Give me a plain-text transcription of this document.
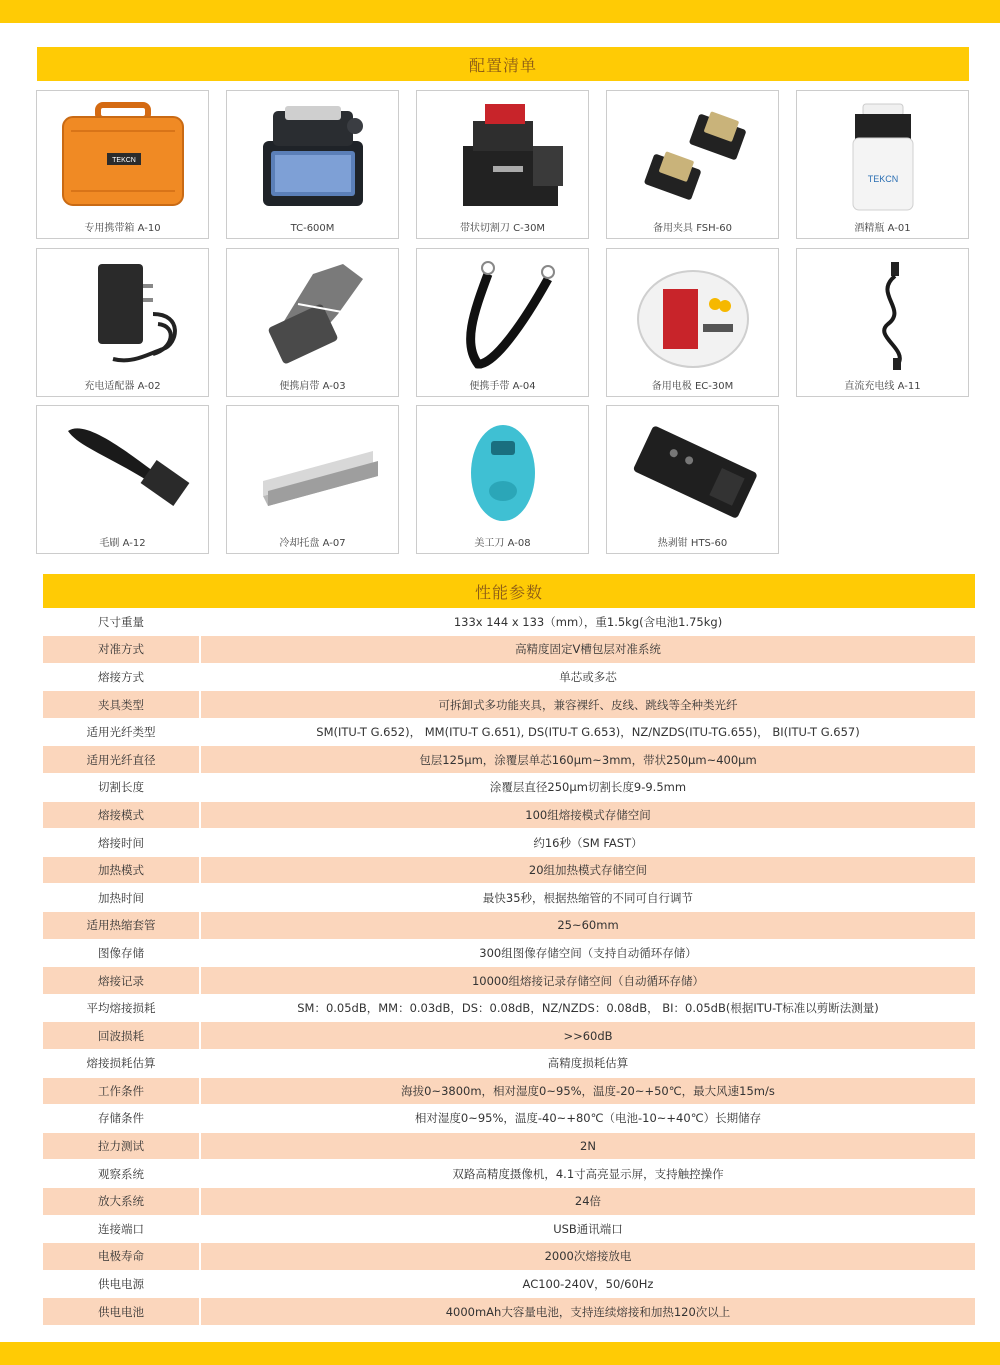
配置清单
TEKCN
专用携带箱 A-10	TC-600M	带状切割刀 C-30M	备用夹具 FSH-60
TEKCN
酒精瓶 A-01
充电适配器 A-02	便携肩带 A-03	便携手带 A-04	备用电极 EC-30M	直流充电线 A-11
毛刷 A-12	冷却托盘 A-07	美工刀 A-08	热剥钳 HTS-60
性能参数
尺寸重量	133x 144 x 133（mm），重1.5kg(含电池1.75kg)
对准方式	高精度固定V槽包层对准系统
熔接方式	单芯或多芯
夹具类型	可拆卸式多功能夹具，兼容裸纤、皮线、跳线等全种类光纤
适用光纤类型	SM(ITU-T G.652)， MM(ITU-T G.651), DS(ITU-T G.653)，NZ/NZDS(ITU-TG.655)， BI(ITU-T G.657)
适用光纤直径	包层125μm，涂覆层单芯160μm~3mm，带状250μm~400μm
切割长度	涂覆层直径250μm切割长度9-9.5mm
熔接模式	100组熔接模式存储空间
熔接时间	约16秒（SM FAST）
加热模式	20组加热模式存储空间
加热时间	最快35秒，根据热缩管的不同可自行调节
适用热缩套管	25~60mm
图像存储	300组图像存储空间（支持自动循环存储）
熔接记录	10000组熔接记录存储空间（自动循环存储）
平均熔接损耗	SM：0.05dB，MM：0.03dB，DS：0.08dB，NZ/NZDS：0.08dB， BI：0.05dB(根据ITU-T标准以剪断法测量)
回波损耗	>>60dB
熔接损耗估算	高精度损耗估算
工作条件	海拔0~3800m，相对湿度0~95%，温度-20~+50℃，最大风速15m/s
存储条件	相对湿度0~95%，温度-40~+80℃（电池-10~+40℃）长期储存
拉力测试	2N
观察系统	双路高精度摄像机，4.1寸高亮显示屏，支持触控操作
放大系统	24倍
连接端口	USB通讯端口
电极寿命	2000次熔接放电
供电电源	AC100-240V，50/60Hz
供电电池	4000mAh大容量电池，支持连续熔接和加热120次以上
